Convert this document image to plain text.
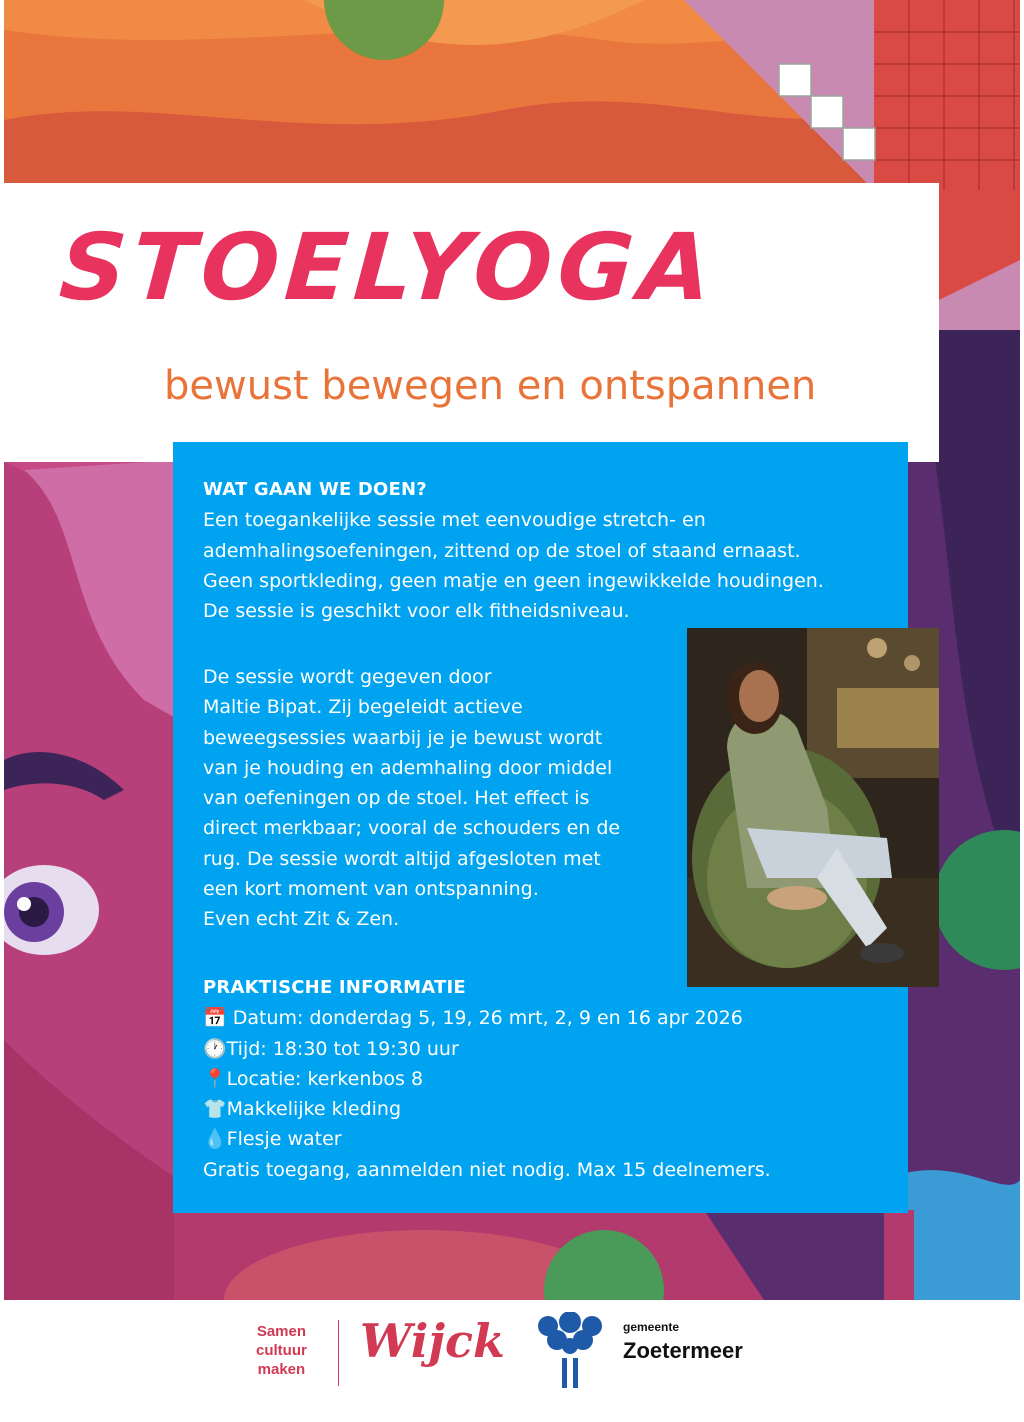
STOELYOGA

bewust bewegen en ontspannen

WAT GAAN WE DOEN?
Een toegankelijke sessie met eenvoudige stretch- en
ademhalingsoefeningen, zittend op de stoel of staand ernaast.
Geen sportkleding, geen matje en geen ingewikkelde houdingen.
De sessie is geschikt voor elk fitheidsniveau.
De sessie wordt gegeven door
Maltie Bipat. Zij begeleidt actieve
beweegsessies waarbij je je bewust wordt
van je houding en ademhaling door middel
van oefeningen op de stoel. Het effect is
direct merkbaar; vooral de schouders en de
rug. De sessie wordt altijd afgesloten met
een kort moment van ontspanning.
Even echt Zit & Zen.
PRAKTISCHE INFORMATIE
📅 Datum: donderdag 5, 19, 26 mrt, 2, 9 en 16 apr 2026
🕐Tijd: 18:30 tot 19:30 uur
📍Locatie: kerkenbos 8
👕Makkelijke kleding
💧Flesje water
Gratis toegang, aanmelden niet nodig. Max 15 deelnemers.
Samen
cultuur
maken
Wijck	gemeente
Zoetermeer
